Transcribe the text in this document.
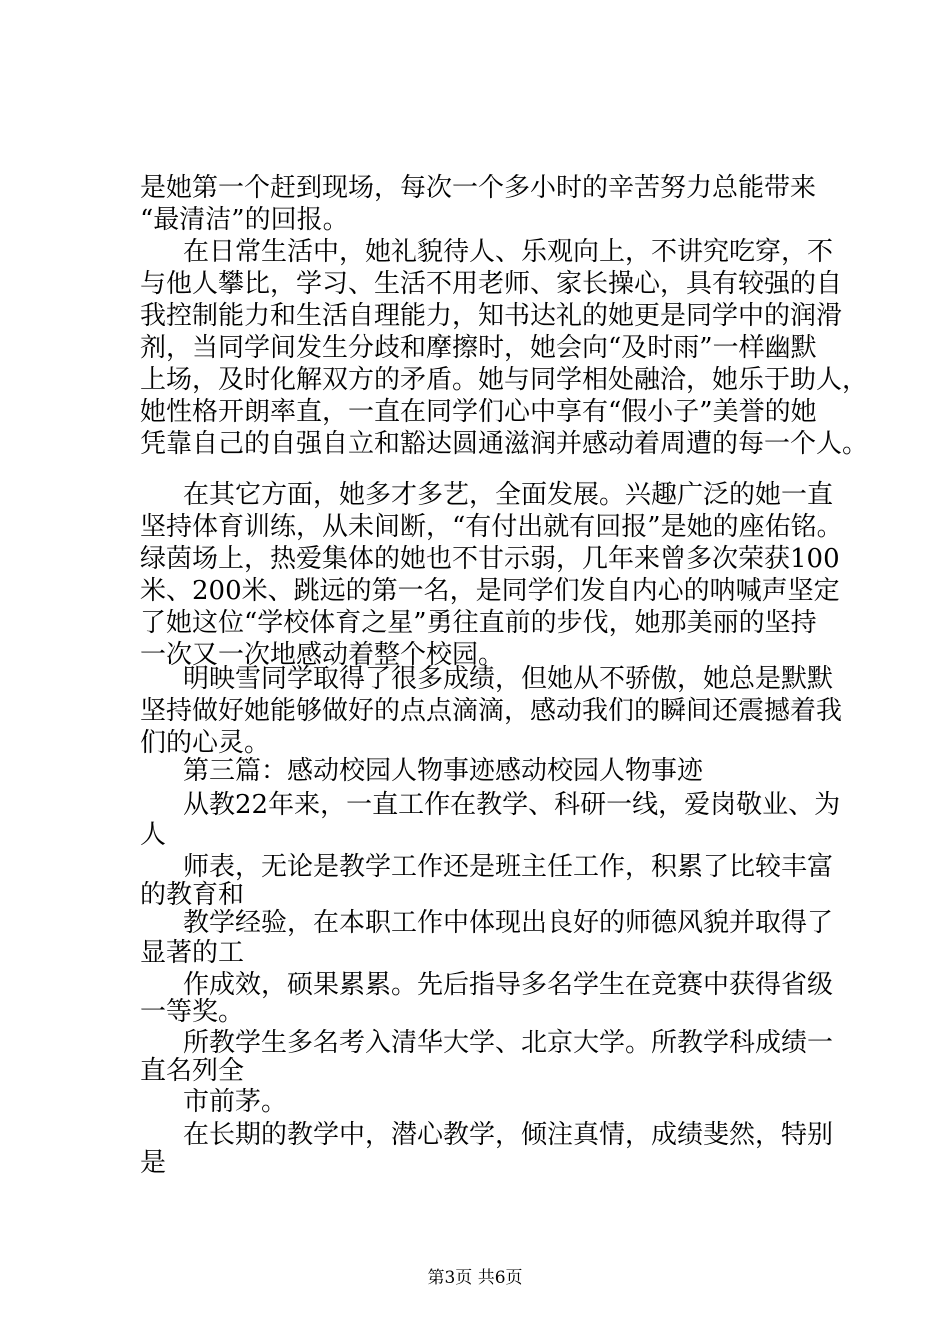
是她第一个赶到现场，每次一个多小时的辛苦努力总能带来
“最清洁”的回报。
在日常生活中，她礼貌待人、乐观向上，不讲究吃穿，不
与他人攀比，学习、生活不用老师、家长操心，具有较强的自
我控制能力和生活自理能力，知书达礼的她更是同学中的润滑
剂，当同学间发生分歧和摩擦时，她会向“及时雨”一样幽默
上场，及时化解双方的矛盾。她与同学相处融洽，她乐于助人，
她性格开朗率直，一直在同学们心中享有“假小子”美誉的她
凭靠自己的自强自立和豁达圆通滋润并感动着周遭的每一个人。
在其它方面，她多才多艺，全面发展。兴趣广泛的她一直
坚持体育训练，从未间断，“有付出就有回报”是她的座佑铭。
绿茵场上，热爱集体的她也不甘示弱，几年来曾多次荣获100
米、200米、跳远的第一名，是同学们发自内心的呐喊声坚定
了她这位“学校体育之星”勇往直前的步伐，她那美丽的坚持
一次又一次地感动着整个校园。
明映雪同学取得了很多成绩，但她从不骄傲，她总是默默
坚持做好她能够做好的点点滴滴，感动我们的瞬间还震撼着我
们的心灵。
第三篇：感动校园人物事迹感动校园人物事迹
从教22年来，一直工作在教学、科研一线，爱岗敬业、为
人
师表，无论是教学工作还是班主任工作，积累了比较丰富
的教育和
教学经验，在本职工作中体现出良好的师德风貌并取得了
显著的工
作成效，硕果累累。先后指导多名学生在竞赛中获得省级
一等奖。
所教学生多名考入清华大学、北京大学。所教学科成绩一
直名列全
市前茅。
在长期的教学中，潜心教学，倾注真情，成绩斐然，特别
是
第3页 共6页
